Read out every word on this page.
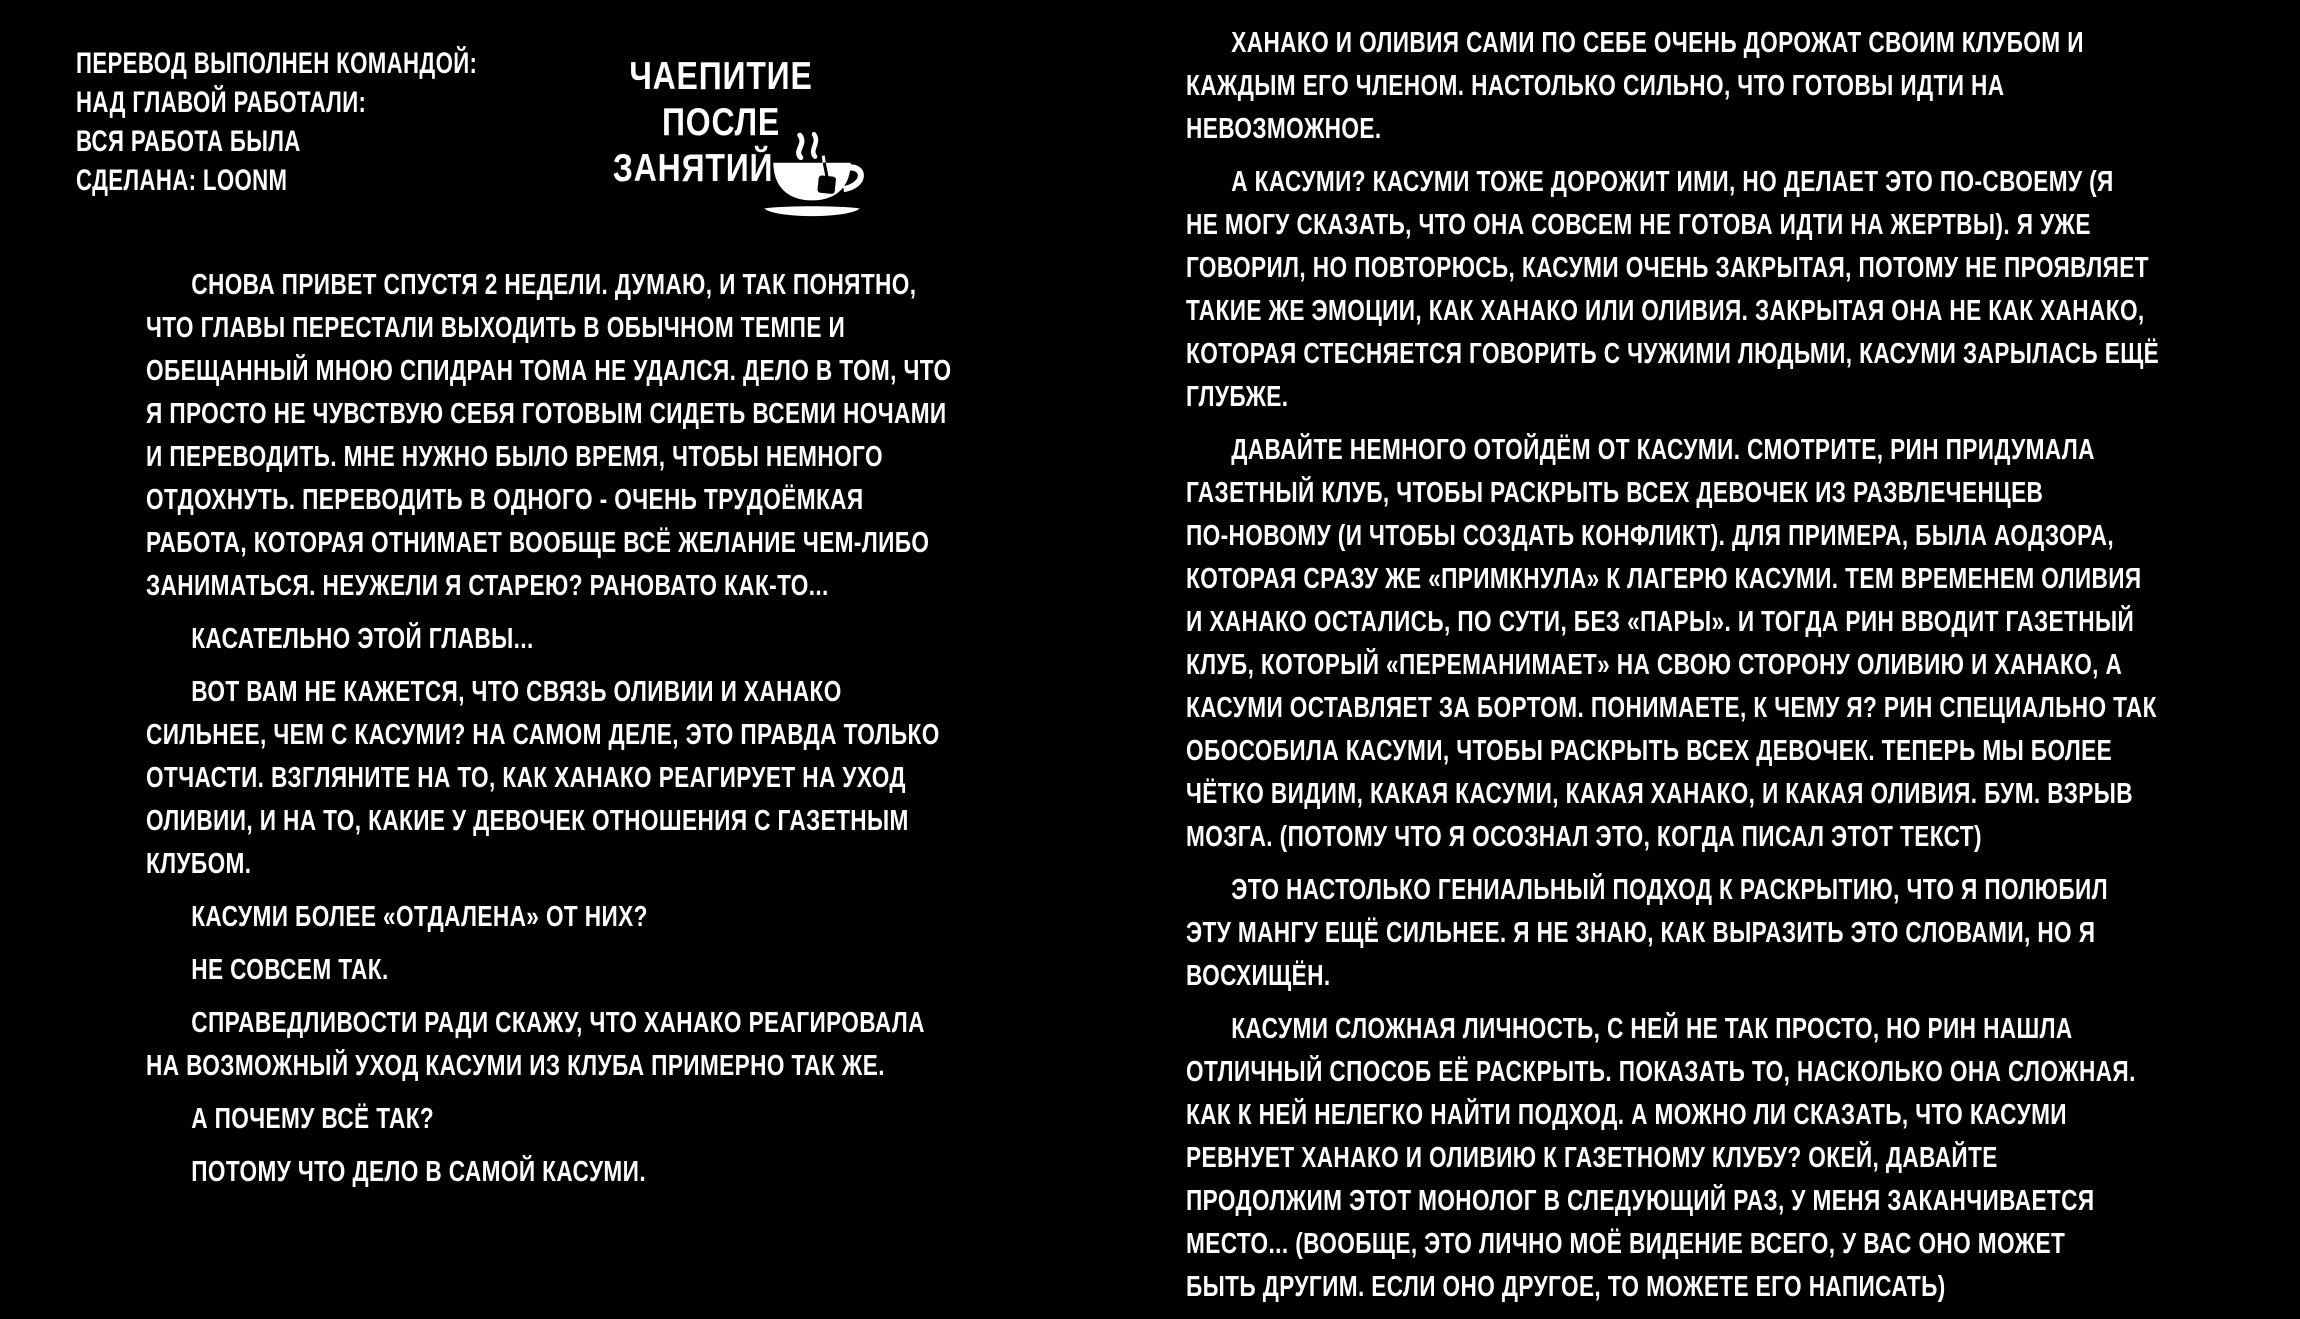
ПЕРЕВОД ВЫПОЛНЕН КОМАНДОЙ:
НАД ГЛАВОЙ РАБОТАЛИ:
ВСЯ РАБОТА БЫЛА
СДЕЛАНА: LOONM
ЧАЕПИТИЕ
ПОСЛЕ
ЗАНЯТИЙ
СНОВА ПРИВЕТ СПУСТЯ 2 НЕДЕЛИ. ДУМАЮ, И ТАК ПОНЯТНО,
ЧТО ГЛАВЫ ПЕРЕСТАЛИ ВЫХОДИТЬ В ОБЫЧНОМ ТЕМПЕ И
ОБЕЩАННЫЙ МНОЮ СПИДРАН ТОМА НЕ УДАЛСЯ. ДЕЛО В ТОМ, ЧТО
Я ПРОСТО НЕ ЧУВСТВУЮ СЕБЯ ГОТОВЫМ СИДЕТЬ ВСЕМИ НОЧАМИ
И ПЕРЕВОДИТЬ. МНЕ НУЖНО БЫЛО ВРЕМЯ, ЧТОБЫ НЕМНОГО
ОТДОХНУТЬ. ПЕРЕВОДИТЬ В ОДНОГО - ОЧЕНЬ ТРУДОЁМКАЯ
РАБОТА, КОТОРАЯ ОТНИМАЕТ ВООБЩЕ ВСЁ ЖЕЛАНИЕ ЧЕМ-ЛИБО
ЗАНИМАТЬСЯ. НЕУЖЕЛИ Я СТАРЕЮ? РАНОВАТО КАК-ТО...
КАСАТЕЛЬНО ЭТОЙ ГЛАВЫ...
ВОТ ВАМ НЕ КАЖЕТСЯ, ЧТО СВЯЗЬ ОЛИВИИ И ХАНАКО
СИЛЬНЕЕ, ЧЕМ С КАСУМИ? НА САМОМ ДЕЛЕ, ЭТО ПРАВДА ТОЛЬКО
ОТЧАСТИ. ВЗГЛЯНИТЕ НА ТО, КАК ХАНАКО РЕАГИРУЕТ НА УХОД
ОЛИВИИ, И НА ТО, КАКИЕ У ДЕВОЧЕК ОТНОШЕНИЯ С ГАЗЕТНЫМ
КЛУБОМ.
КАСУМИ БОЛЕЕ «ОТДАЛЕНА» ОТ НИХ?
НЕ СОВСЕМ ТАК.
СПРАВЕДЛИВОСТИ РАДИ СКАЖУ, ЧТО ХАНАКО РЕАГИРОВАЛА
НА ВОЗМОЖНЫЙ УХОД КАСУМИ ИЗ КЛУБА ПРИМЕРНО ТАК ЖЕ.
А ПОЧЕМУ ВСЁ ТАК?
ПОТОМУ ЧТО ДЕЛО В САМОЙ КАСУМИ.
ХАНАКО И ОЛИВИЯ САМИ ПО СЕБЕ ОЧЕНЬ ДОРОЖАТ СВОИМ КЛУБОМ И
КАЖДЫМ ЕГО ЧЛЕНОМ. НАСТОЛЬКО СИЛЬНО, ЧТО ГОТОВЫ ИДТИ НА
НЕВОЗМОЖНОЕ.
А КАСУМИ? КАСУМИ ТОЖЕ ДОРОЖИТ ИМИ, НО ДЕЛАЕТ ЭТО ПО-СВОЕМУ (Я
НЕ МОГУ СКАЗАТЬ, ЧТО ОНА СОВСЕМ НЕ ГОТОВА ИДТИ НА ЖЕРТВЫ). Я УЖЕ
ГОВОРИЛ, НО ПОВТОРЮСЬ, КАСУМИ ОЧЕНЬ ЗАКРЫТАЯ, ПОТОМУ НЕ ПРОЯВЛЯЕТ
ТАКИЕ ЖЕ ЭМОЦИИ, КАК ХАНАКО ИЛИ ОЛИВИЯ. ЗАКРЫТАЯ ОНА НЕ КАК ХАНАКО,
КОТОРАЯ СТЕСНЯЕТСЯ ГОВОРИТЬ С ЧУЖИМИ ЛЮДЬМИ, КАСУМИ ЗАРЫЛАСЬ ЕЩЁ
ГЛУБЖЕ.
ДАВАЙТЕ НЕМНОГО ОТОЙДЁМ ОТ КАСУМИ. СМОТРИТЕ, РИН ПРИДУМАЛА
ГАЗЕТНЫЙ КЛУБ, ЧТОБЫ РАСКРЫТЬ ВСЕХ ДЕВОЧЕК ИЗ РАЗВЛЕЧЕНЦЕВ
ПО-НОВОМУ (И ЧТОБЫ СОЗДАТЬ КОНФЛИКТ). ДЛЯ ПРИМЕРА, БЫЛА АОДЗОРА,
КОТОРАЯ СРАЗУ ЖЕ «ПРИМКНУЛА» К ЛАГЕРЮ КАСУМИ. ТЕМ ВРЕМЕНЕМ ОЛИВИЯ
И ХАНАКО ОСТАЛИСЬ, ПО СУТИ, БЕЗ «ПАРЫ». И ТОГДА РИН ВВОДИТ ГАЗЕТНЫЙ
КЛУБ, КОТОРЫЙ «ПЕРЕМАНИМАЕТ» НА СВОЮ СТОРОНУ ОЛИВИЮ И ХАНАКО, А
КАСУМИ ОСТАВЛЯЕТ ЗА БОРТОМ. ПОНИМАЕТЕ, К ЧЕМУ Я? РИН СПЕЦИАЛЬНО ТАК
ОБОСОБИЛА КАСУМИ, ЧТОБЫ РАСКРЫТЬ ВСЕХ ДЕВОЧЕК. ТЕПЕРЬ МЫ БОЛЕЕ
ЧЁТКО ВИДИМ, КАКАЯ КАСУМИ, КАКАЯ ХАНАКО, И КАКАЯ ОЛИВИЯ. БУМ. ВЗРЫВ
МОЗГА. (ПОТОМУ ЧТО Я ОСОЗНАЛ ЭТО, КОГДА ПИСАЛ ЭТОТ ТЕКСТ)
ЭТО НАСТОЛЬКО ГЕНИАЛЬНЫЙ ПОДХОД К РАСКРЫТИЮ, ЧТО Я ПОЛЮБИЛ
ЭТУ МАНГУ ЕЩЁ СИЛЬНЕЕ. Я НЕ ЗНАЮ, КАК ВЫРАЗИТЬ ЭТО СЛОВАМИ, НО Я
ВОСХИЩЁН.
КАСУМИ СЛОЖНАЯ ЛИЧНОСТЬ, С НЕЙ НЕ ТАК ПРОСТО, НО РИН НАШЛА
ОТЛИЧНЫЙ СПОСОБ ЕЁ РАСКРЫТЬ. ПОКАЗАТЬ ТО, НАСКОЛЬКО ОНА СЛОЖНАЯ.
КАК К НЕЙ НЕЛЕГКО НАЙТИ ПОДХОД. А МОЖНО ЛИ СКАЗАТЬ, ЧТО КАСУМИ
РЕВНУЕТ ХАНАКО И ОЛИВИЮ К ГАЗЕТНОМУ КЛУБУ? ОКЕЙ, ДАВАЙТЕ
ПРОДОЛЖИМ ЭТОТ МОНОЛОГ В СЛЕДУЮЩИЙ РАЗ, У МЕНЯ ЗАКАНЧИВАЕТСЯ
МЕСТО... (ВООБЩЕ, ЭТО ЛИЧНО МОЁ ВИДЕНИЕ ВСЕГО, У ВАС ОНО МОЖЕТ
БЫТЬ ДРУГИМ. ЕСЛИ ОНО ДРУГОЕ, ТО МОЖЕТЕ ЕГО НАПИСАТЬ)
